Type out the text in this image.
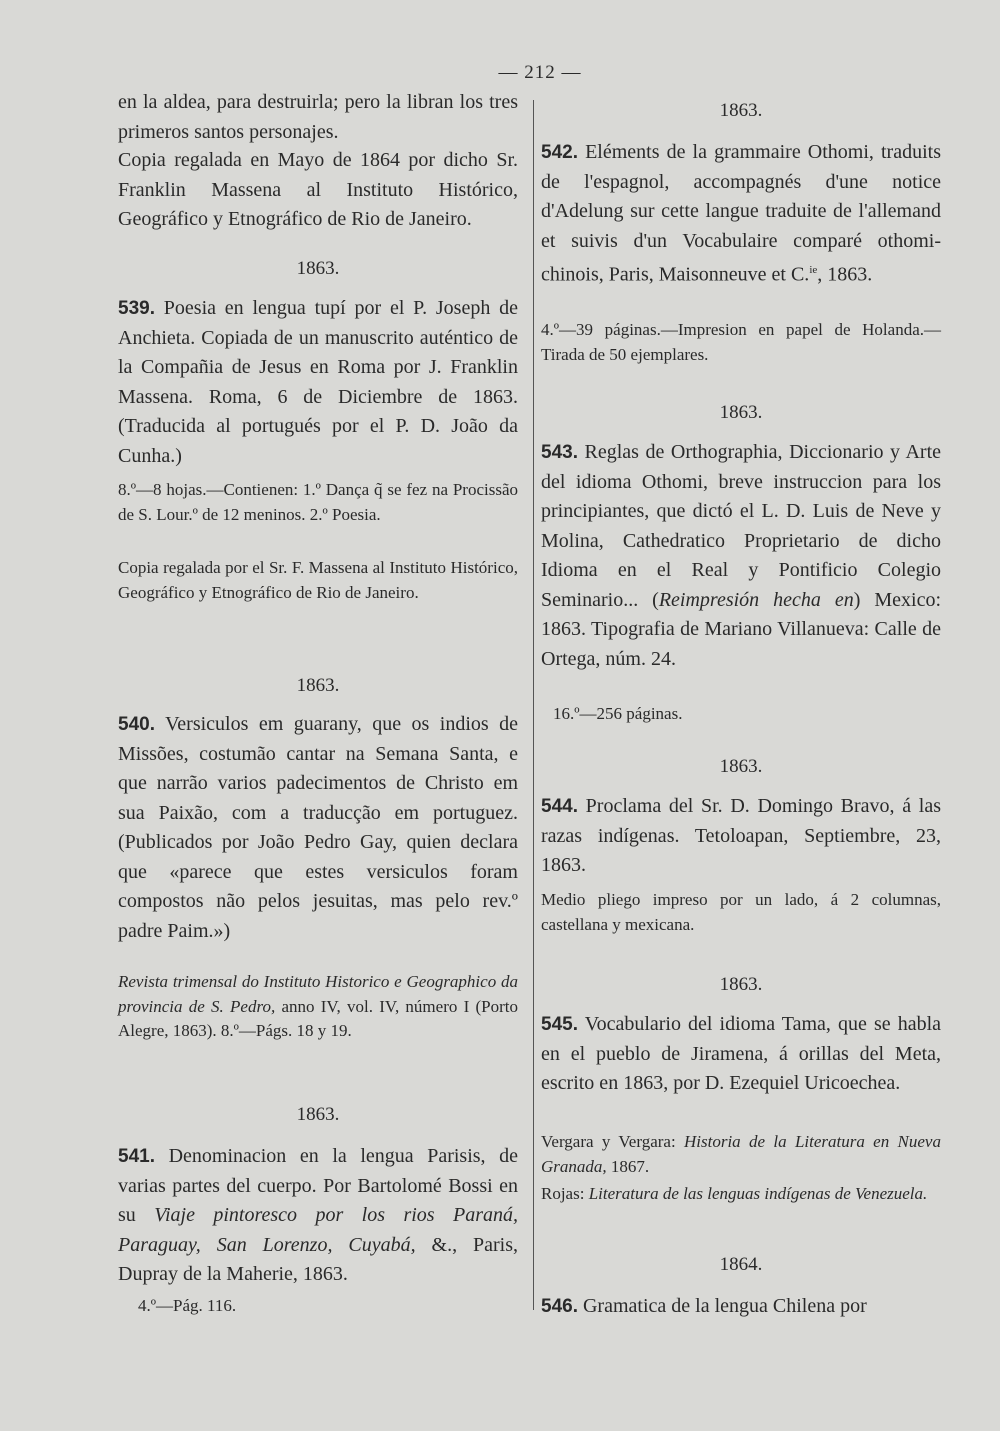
— 212 —

en la aldea, para destruirla; pero la libran los tres primeros santos personajes.

Copia regalada en Mayo de 1864 por dicho Sr. Franklin Massena al Instituto Histórico, Geográfico y Etnográfico de Rio de Janeiro.

1863.

539. Poesia en lengua tupí por el P. Joseph de Anchieta. Copiada de un manuscrito auténtico de la Compañia de Jesus en Roma por J. Franklin Massena. Roma, 6 de Diciembre de 1863. (Traducida al portugués por el P. D. João da Cunha.)

8.º—8 hojas.—Contienen: 1.º Dança q̃ se fez na Procissão de S. Lour.º de 12 meninos. 2.º Poesia.

Copia regalada por el Sr. F. Massena al Instituto Histórico, Geográfico y Etnográfico de Rio de Janeiro.

1863.

540. Versiculos em guarany, que os indios de Missões, costumão cantar na Semana Santa, e que narrão varios padecimentos de Christo em sua Paixão, com a traducção em portuguez. (Publicados por João Pedro Gay, quien declara que «parece que estes versiculos foram compostos não pelos jesuitas, mas pelo rev.º padre Paim.»)

Revista trimensal do Instituto Historico e Geographico da provincia de S. Pedro, anno IV, vol. IV, número I (Porto Alegre, 1863). 8.º—Págs. 18 y 19.

1863.

541. Denominacion en la lengua Parisis, de varias partes del cuerpo. Por Bartolomé Bossi en su Viaje pintoresco por los rios Paraná, Paraguay, San Lorenzo, Cuyabá, &., Paris, Dupray de la Maherie, 1863.

4.º—Pág. 116.

1863.

542. Eléments de la grammaire Othomi, traduits de l'espagnol, accompagnés d'une notice d'Adelung sur cette langue traduite de l'allemand et suivis d'un Vocabulaire comparé othomi-chinois, Paris, Maisonneuve et C.$^{ie}$, 1863.

4.º—39 páginas.—Impresion en papel de Holanda.—Tirada de 50 ejemplares.

1863.

543. Reglas de Orthographia, Diccionario y Arte del idioma Othomi, breve instruccion para los principiantes, que dictó el L. D. Luis de Neve y Molina, Cathedratico Proprietario de dicho Idioma en el Real y Pontificio Colegio Seminario... (Reimpresión hecha en) Mexico: 1863. Tipografia de Mariano Villanueva: Calle de Ortega, núm. 24.

16.º—256 páginas.

1863.

544. Proclama del Sr. D. Domingo Bravo, á las razas indígenas. Tetoloapan, Septiembre, 23, 1863.

Medio pliego impreso por un lado, á 2 columnas, castellana y mexicana.

1863.

545. Vocabulario del idioma Tama, que se habla en el pueblo de Jiramena, á orillas del Meta, escrito en 1863, por D. Ezequiel Uricoechea.

Vergara y Vergara: Historia de la Literatura en Nueva Granada, 1867.

Rojas: Literatura de las lenguas indígenas de Venezuela.

1864.

546. Gramatica de la lengua Chilena por
